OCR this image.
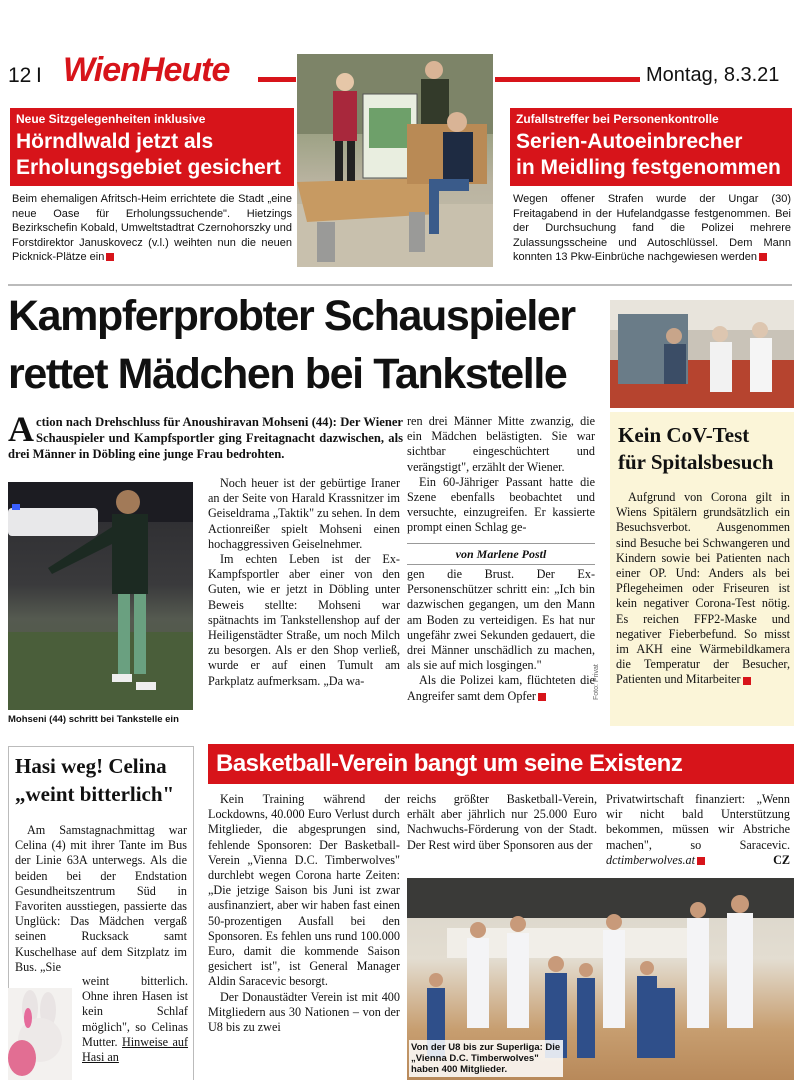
12 I WienHeute	Montag, 8.3.21
Neue Sitzgelegenheiten inklusive
Hörndlwald jetzt als
Erholungsgebiet gesichert
Beim ehemaligen Afritsch-Heim errichtete die Stadt „eine neue Oase für Erholungssuchende". Hietzings Bezirkschefin Kobald, Umweltstadtrat Czernohorszky und Forstdirektor Januskovecz (v.l.) weihten nun die neuen Picknick-Plätze ein
Zufallstreffer bei Personenkontrolle
Serien-Autoeinbrecher
in Meidling festgenommen
Wegen offener Strafen wurde der Ungar (30) Freitagabend in der Hufelandgasse festgenommen. Bei der Durchsuchung fand die Polizei mehrere Zulassungsscheine und Autoschlüssel. Dem Mann konnten 13 Pkw-Einbrüche nachgewiesen werden
Kampferprobter Schauspieler
rettet Mädchen bei Tankstelle
Action nach Drehschluss für Anoushiravan Mohseni (44): Der Wiener Schauspieler und Kampfsportler ging Freitagnacht dazwischen, als drei Männer in Döbling eine junge Frau bedrohten.
Mohseni (44) schritt bei Tankstelle ein

Noch heuer ist der gebürtige Iraner an der Seite von Harald Krassnitzer im Geiseldrama „Taktik" zu sehen. In dem Actionreißer spielt Mohseni einen hochaggressiven Geiselnehmer.

Im echten Leben ist der Ex-Kampfsportler aber einer von den Guten, wie er jetzt in Döbling unter Beweis stellte: Mohseni war spätnachts im Tankstellenshop auf der Heiligenstädter Straße, um noch Milch zu besorgen. Als er den Shop verließ, wurde er auf einen Tumult am Parkplatz aufmerksam. „Da wa-

ren drei Männer Mitte zwanzig, die ein Mädchen belästigten. Sie war sichtbar eingeschüchtert und verängstigt", erzählt der Wiener.

Ein 60-Jähriger Passant hatte die Szene ebenfalls beobachtet und versuchte, einzugreifen. Er kassierte prompt einen Schlag ge-

von Marlene Postl

gen die Brust. Der Ex-Personenschützer schritt ein: „Ich bin dazwischen gegangen, um den Mann am Boden zu verteidigen. Es hat nur ungefähr zwei Sekunden gedauert, die drei Männer unschädlich zu machen, als sie auf mich losgingen."

Als die Polizei kam, flüchteten die Angreifer samt dem Opfer	Foto: Privat
Kein CoV-Test
für Spitalsbesuch

Aufgrund von Corona gilt in Wiens Spitälern grundsätzlich ein Besuchsverbot. Ausgenommen sind Besuche bei Schwangeren und Kindern sowie bei Patienten nach einer OP. Und: Anders als bei Pflegeheimen oder Friseuren ist kein negativer Corona-Test nötig. Es reichen FFP2-Maske und negativer Fieberbefund. So misst im AKH eine Wärmebildkamera die Temperatur der Besucher, Patienten und Mitarbeiter

Hasi weg! Celina
„weint bitterlich"

Am Samstagnachmittag war Celina (4) mit ihrer Tante im Bus der Linie 63A unterwegs. Als die beiden bei der Endstation Gesundheitszentrum Süd in Favoriten ausstiegen, passierte das Unglück: Das Mädchen vergaß seinen Rucksack samt Kuschelhase auf dem Sitzplatz im Bus. „Sie

weint bitterlich. Ohne ihren Hasen ist kein Schlaf möglich", so Celinas Mutter. Hinweise auf Hasi an
Basketball-Verein bangt um seine Existenz

Kein Training während der Lockdowns, 40.000 Euro Verlust durch Mitglieder, die abgesprungen sind, fehlende Sponsoren: Der Basketball-Verein „Vienna D.C. Timberwolves" durchlebt wegen Corona harte Zeiten: „Die jetzige Saison bis Juni ist zwar ausfinanziert, aber wir haben fast einen 50-prozentigen Ausfall bei den Sponsoren. Es fehlen uns rund 100.000 Euro, damit die kommende Saison gesichert ist", ist General Manager Aldin Saracevic besorgt.

Der Donaustädter Verein ist mit 400 Mitgliedern aus 30 Nationen – von der U8 bis zu zwei

reichs größter Basketball-Verein, erhält aber jährlich nur 25.000 Euro Nachwuchs-Förderung von der Stadt. Der Rest wird über Sponsoren aus der

Privatwirtschaft finanziert: „Wenn wir nicht bald Unterstützung bekommen, müssen wir Abstriche machen", so Saracevic. dctimberwolves.at	CZ

Von der U8 bis zur Superliga: Die „Vienna D.C. Timberwolves" haben 400 Mitglieder.
